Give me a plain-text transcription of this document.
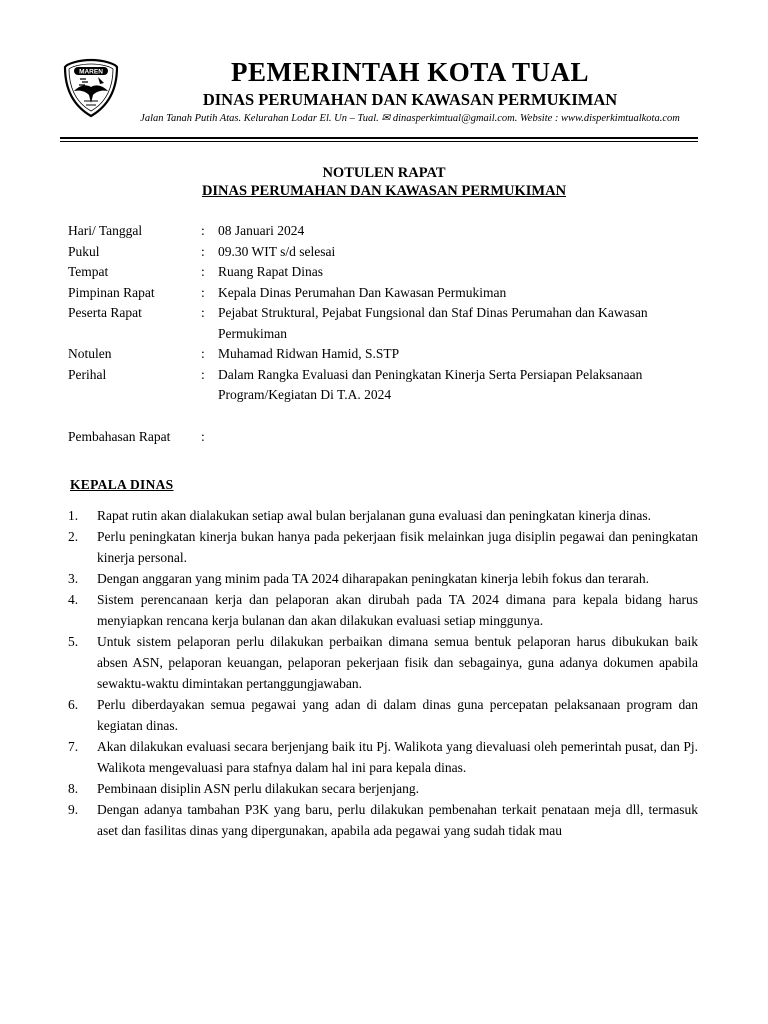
MAREN	PEMERINTAH KOTA TUAL
DINAS PERUMAHAN DAN KAWASAN PERMUKIMAN
Jalan Tanah Putih Atas. Kelurahan Lodar El. Un – Tual. ✉ dinasperkimtual@gmail.com. Website : www.disperkimtualkota.com
NOTULEN RAPAT
DINAS PERUMAHAN DAN KAWASAN PERMUKIMAN
Hari/ Tanggal	: 08 Januari 2024
Pukul	: 09.30 WIT s/d selesai
Tempat	: Ruang Rapat Dinas
Pimpinan Rapat	: Kepala Dinas Perumahan Dan Kawasan Permukiman
Peserta Rapat	: Pejabat Struktural, Pejabat Fungsional dan Staf Dinas Perumahan dan Kawasan Permukiman
Notulen	: Muhamad Ridwan Hamid, S.STP
Perihal	: Dalam Rangka Evaluasi dan Peningkatan Kinerja Serta Persiapan Pelaksanaan Program/Kegiatan Di T.A. 2024
Pembahasan Rapat :
KEPALA DINAS
1.	Rapat rutin akan dialakukan setiap awal bulan berjalanan guna evaluasi dan peningkatan kinerja dinas.
2.	Perlu peningkatan kinerja bukan hanya pada pekerjaan fisik melainkan juga disiplin pegawai dan peningkatan kinerja personal.
3.	Dengan anggaran yang minim pada TA 2024 diharapakan peningkatan kinerja lebih fokus dan terarah.
4.	Sistem perencanaan kerja dan pelaporan akan dirubah pada TA 2024 dimana para kepala bidang harus menyiapkan rencana kerja bulanan dan akan dilakukan evaluasi setiap minggunya.
5.	Untuk sistem pelaporan perlu dilakukan perbaikan dimana semua bentuk pelaporan harus dibukukan baik absen ASN, pelaporan keuangan, pelaporan pekerjaan fisik dan sebagainya, guna adanya dokumen apabila sewaktu-waktu dimintakan pertanggungjawaban.
6.	Perlu diberdayakan semua pegawai yang adan di dalam dinas guna percepatan pelaksanaan program dan kegiatan dinas.
7.	Akan dilakukan evaluasi secara berjenjang baik itu Pj. Walikota yang dievaluasi oleh pemerintah pusat, dan Pj. Walikota mengevaluasi para stafnya dalam hal ini para kepala dinas.
8.	Pembinaan disiplin ASN perlu dilakukan secara berjenjang.
9.	Dengan adanya tambahan P3K yang baru, perlu dilakukan pembenahan terkait penataan meja dll, termasuk aset dan fasilitas dinas yang dipergunakan, apabila ada pegawai yang sudah tidak mau
